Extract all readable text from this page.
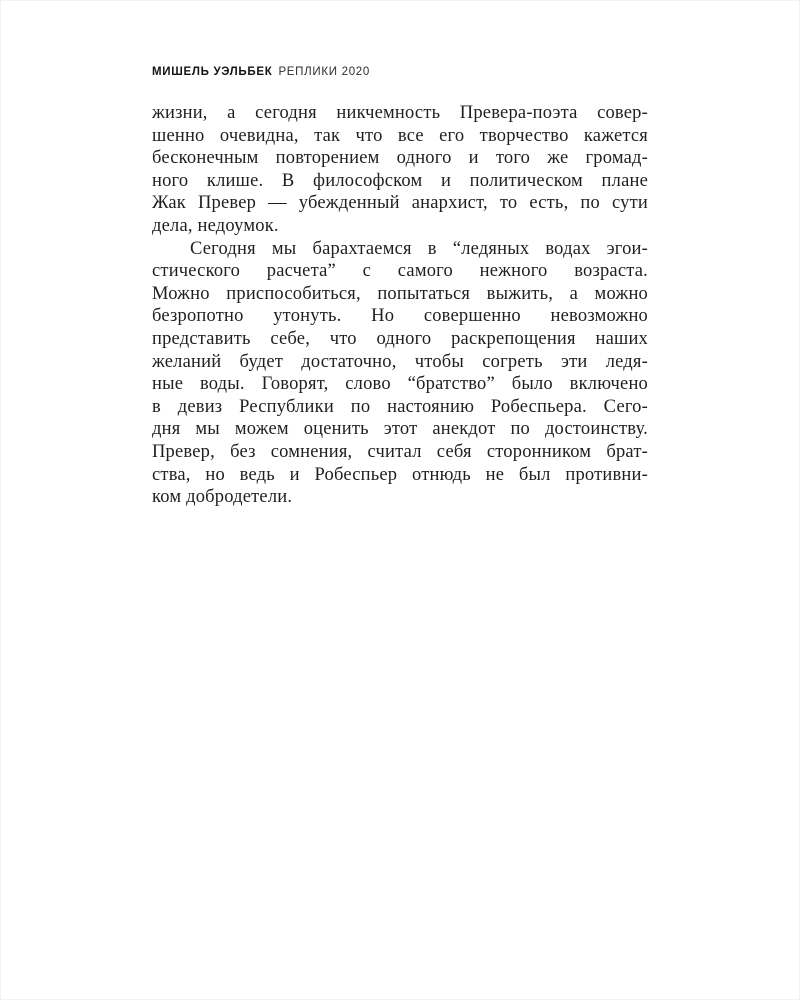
МИШЕЛЬ УЭЛЬБЕК РЕПЛИКИ 2020
жизни, а сегодня никчемность Превера-поэта совер-
шенно очевидна, так что все его творчество кажется
бесконечным повторением одного и того же громад-
ного клише. В философском и политическом плане
Жак Превер — убежденный анархист, то есть, по сути
дела, недоумок.
Сегодня мы барахтаемся в “ледяных водах эгои-
стического расчета” с самого нежного возраста.
Можно приспособиться, попытаться выжить, а можно
безропотно утонуть. Но совершенно невозможно
представить себе, что одного раскрепощения наших
желаний будет достаточно, чтобы согреть эти ледя-
ные воды. Говорят, слово “братство” было включено
в девиз Республики по настоянию Робеспьера. Сего-
дня мы можем оценить этот анекдот по достоинству.
Превер, без сомнения, считал себя сторонником брат-
ства, но ведь и Робеспьер отнюдь не был противни-
ком добродетели.
